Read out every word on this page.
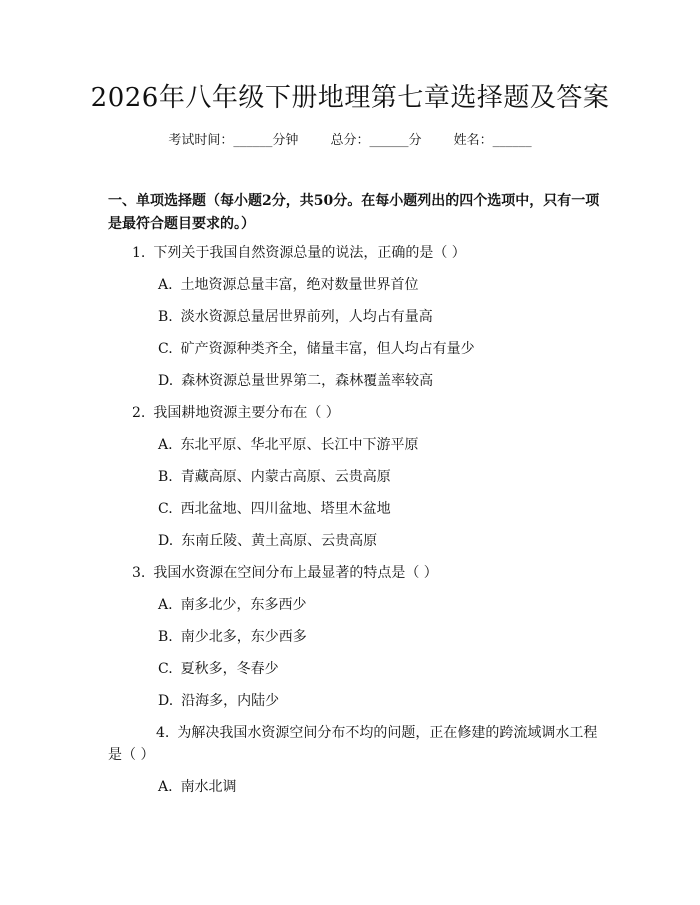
2026年八年级下册地理第七章选择题及答案
考试时间：______分钟 总分：______分 姓名：______
一、单项选择题（每小题2分，共50分。在每小题列出的四个选项中，只有一项是最符合题目要求的。）
1. 下列关于我国自然资源总量的说法，正确的是（ ）
A. 土地资源总量丰富，绝对数量世界首位
B. 淡水资源总量居世界前列，人均占有量高
C. 矿产资源种类齐全，储量丰富，但人均占有量少
D. 森林资源总量世界第二，森林覆盖率较高
2. 我国耕地资源主要分布在（ ）
A. 东北平原、华北平原、长江中下游平原
B. 青藏高原、内蒙古高原、云贵高原
C. 西北盆地、四川盆地、塔里木盆地
D. 东南丘陵、黄土高原、云贵高原
3. 我国水资源在空间分布上最显著的特点是（ ）
A. 南多北少，东多西少
B. 南少北多，东少西多
C. 夏秋多，冬春少
D. 沿海多，内陆少
4. 为解决我国水资源空间分布不均的问题，正在修建的跨流域调水工程是（ ）
A. 南水北调
